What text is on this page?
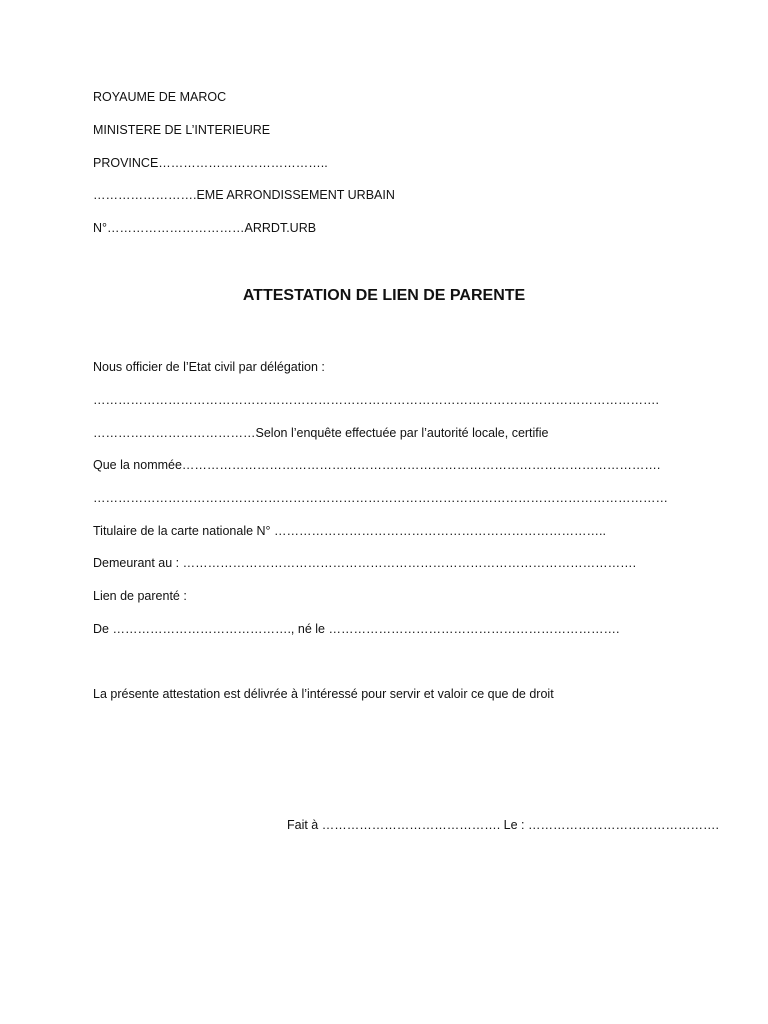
ROYAUME DE MAROC
MINISTERE DE L’INTERIEURE
PROVINCE…………………………………..
…………………….EME ARRONDISSEMENT URBAIN
N°……………………………ARRDT.URB
ATTESTATION DE LIEN DE PARENTE
Nous officier de l’Etat civil par délégation :
……………………………………………………………………………………………………………………….
…………………………………Selon l’enquête effectuée par l’autorité locale, certifie
Que la nommée…………………………………………………………………………………………………….
…………………………………………………………………………………………………………………………
Titulaire de la carte nationale N° ……………………………………………………………………..
Demeurant au : ……………………………………………………………………………………………….
Lien de parenté :
De ……………………………………., né le …………………………………………………………….
La présente attestation est délivrée à l’intéressé pour servir et valoir ce que de droit
Fait à ……………………………………. Le : ……………………………………….
